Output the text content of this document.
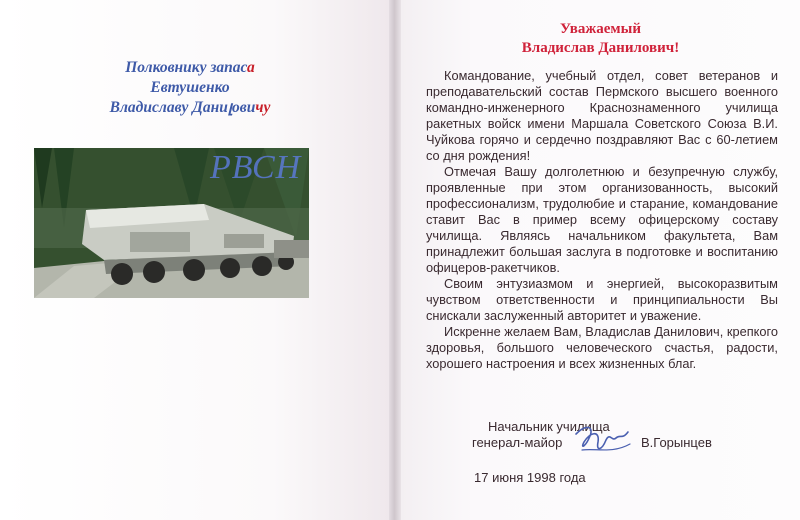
Полковнику запаса
Евтушенко
Владиславу Даниլовичу
РВСН
Уважаемый
Владислав Данилович!

Командование, учебный отдел, совет ветеранов и преподавательский состав Пермского высшего военного командно-инженерного Краснознаменного училища ракетных войск имени Маршала Советского Союза В.И. Чуйкова горячо и сердечно поздравляют Вас с 60-летием со дня рождения!

Отмечая Вашу долголетнюю и безупречную службу, проявленные при этом организованность, высокий профессионализм, трудолюбие и старание, командование ставит Вас в пример всему офицерскому составу училища. Являясь начальником факультета, Вам принадлежит большая заслуга в подготовке и воспитанию офицеров-ракетчиков.

Своим энтузиазмом и энергией, высокоразвитым чувством ответственности и принципиальности Вы снискали заслуженный авторитет и уважение.

Искренне желаем Вам, Владислав Данилович, крепкого здоровья, большого человеческого счастья, радости, хорошего настроения и всех жизненных благ.

Начальник училища
генерал-майор	В.Горынцев
17 июня 1998 года
